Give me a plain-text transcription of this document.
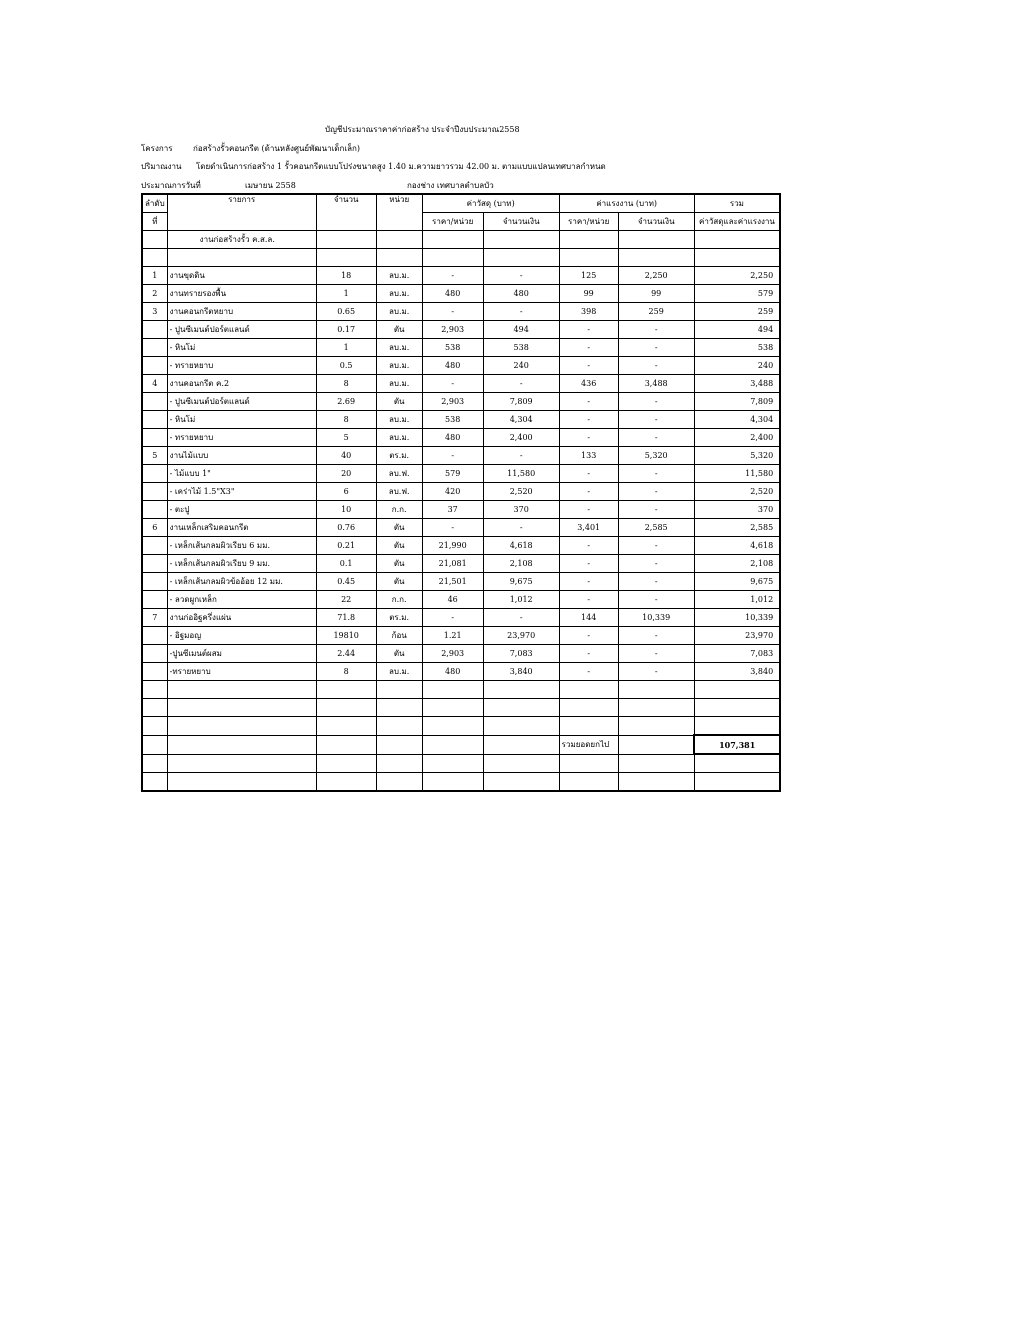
บัญชีประมาณราคาค่าก่อสร้าง ประจำปีงบประมาณ2558
โครงการ	ก่อสร้างรั้วคอนกรีต (ด้านหลังศูนย์พัฒนาเด็กเล็ก)
ปริมาณงาน โดยดำเนินการก่อสร้าง 1 รั้วคอนกรีตแบบโปร่งขนาดสูง 1.40 ม.ความยาวรวม 42.00 ม. ตามแบบแปลนเทศบาลกำหนด
ประมาณการวันที่	เมษายน 2558	กองช่าง เทศบาลตำบลบัว
ลำดับ	รายการ	จำนวน	หน่วย	ค่าวัสดุ (บาท)		ค่าแรงงาน (บาท)		รวม
ที่				ราคา/หน่วย	จำนวนเงิน	ราคา/หน่วย	จำนวนเงิน	ค่าวัสดุและค่าแรงงาน
	งานก่อสร้างรั้ว ค.ส.ล.							

1	งานขุดดิน	18	ลบ.ม.	-	-	125	2,250	2,250
2	งานทรายรองพื้น	1	ลบ.ม.	480	480	99	99	579
3	งานคอนกรีตหยาบ	0.65	ลบ.ม.	-	-	398	259	259
	- ปูนซีเมนต์ปอร์ตแลนด์	0.17	ตัน	2,903	494	-	-	494
	- หินโม่	1	ลบ.ม.	538	538	-	-	538
	- ทรายหยาบ	0.5	ลบ.ม.	480	240	-	-	240
4	งานคอนกรีต ค.2	8	ลบ.ม.	-	-	436	3,488	3,488
	- ปูนซีเมนต์ปอร์ตแลนด์	2.69	ตัน	2,903	7,809	-	-	7,809
	- หินโม่	8	ลบ.ม.	538	4,304	-	-	4,304
	- ทรายหยาบ	5	ลบ.ม.	480	2,400	-	-	2,400
5	งานไม้แบบ	40	ตร.ม.	-	-	133	5,320	5,320
	- ไม้แบบ 1"	20	ลบ.ฟ.	579	11,580	-	-	11,580
	- เคร่าไม้ 1.5"X3"	6	ลบ.ฟ.	420	2,520	-	-	2,520
	- ตะปู	10	ก.ก.	37	370	-	-	370
6	งานเหล็กเสริมคอนกรีต	0.76	ตัน	-	-	3,401	2,585	2,585
	- เหล็กเส้นกลมผิวเรียบ 6 มม.	0.21	ตัน	21,990	4,618	-	-	4,618
	- เหล็กเส้นกลมผิวเรียบ 9 มม.	0.1	ตัน	21,081	2,108	-	-	2,108
	- เหล็กเส้นกลมผิวข้ออ้อย 12 มม.	0.45	ตัน	21,501	9,675	-	-	9,675
	- ลวดผูกเหล็ก	22	ก.ก.	46	1,012	-	-	1,012
7	งานก่ออิฐครึ่งแผ่น	71.8	ตร.ม.	-	-	144	10,339	10,339
	- อิฐมอญ	19810	ก้อน	1.21	23,970	-	-	23,970
	-ปูนซีเมนต์ผสม	2.44	ตัน	2,903	7,083	-	-	7,083
	-ทรายหยาบ	8	ลบ.ม.	480	3,840	-	-	3,840

						รวมยอดยกไป		107,381
